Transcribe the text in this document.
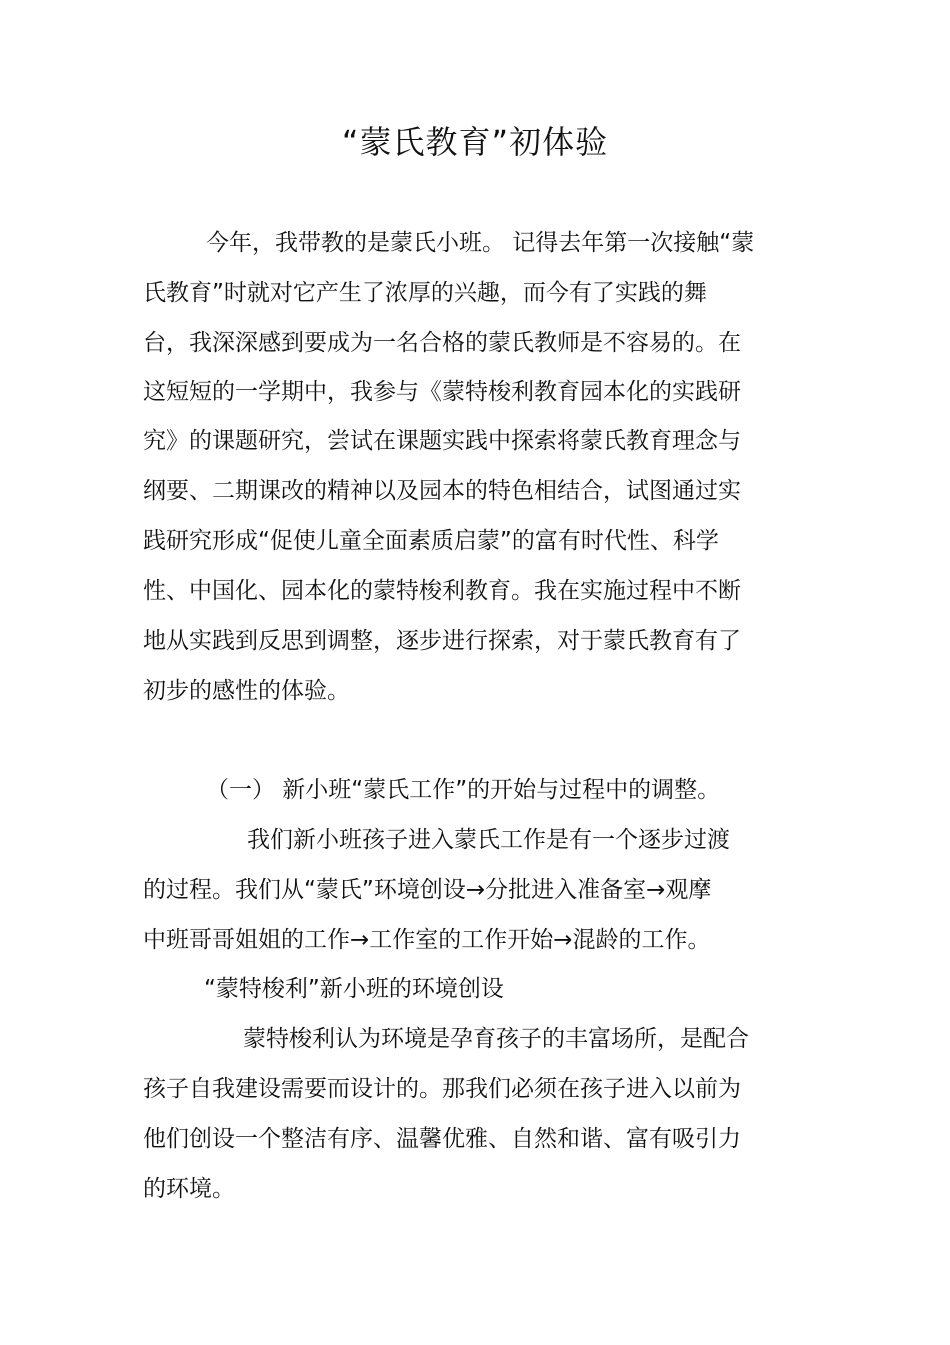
“蒙氏教育”初体验
今年，我带教的是蒙氏小班。 记得去年第一次接触“蒙
氏教育”时就对它产生了浓厚的兴趣，而今有了实践的舞
台，我深深感到要成为一名合格的蒙氏教师是不容易的。在
这短短的一学期中，我参与《蒙特梭利教育园本化的实践研
究》的课题研究，尝试在课题实践中探索将蒙氏教育理念与
纲要、二期课改的精神以及园本的特色相结合，试图通过实
践研究形成“促使儿童全面素质启蒙”的富有时代性、科学
性、中国化、园本化的蒙特梭利教育。我在实施过程中不断
地从实践到反思到调整，逐步进行探索，对于蒙氏教育有了
初步的感性的体验。
（一） 新小班“蒙氏工作”的开始与过程中的调整。
我们新小班孩子进入蒙氏工作是有一个逐步过渡
的过程。我们从“蒙氏”环境创设→分批进入准备室→观摩
中班哥哥姐姐的工作→工作室的工作开始→混龄的工作。
“蒙特梭利”新小班的环境创设
蒙特梭利认为环境是孕育孩子的丰富场所，是配合
孩子自我建设需要而设计的。那我们必须在孩子进入以前为
他们创设一个整洁有序、温馨优雅、自然和谐、富有吸引力
的环境。
